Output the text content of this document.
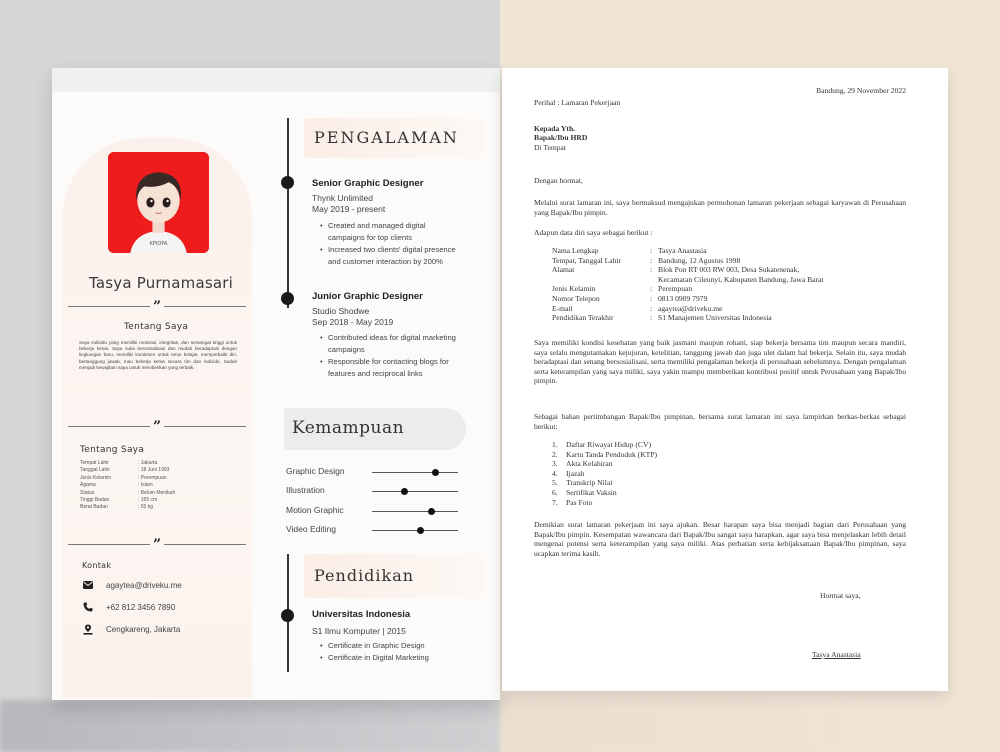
KPIOPA
Tasya Purnamasari
”
Tentang Saya
Saya individu yang memiliki motivasi, integritas, dan semangat tinggi untuk bekerja keras. Saya suka bersosialisasi dan mudah beradaptasi dengan lingkungan baru, memiliki komitmen untuk terus belajar, memperbaiki diri, bertanggung jawab, mau bekerja keras secara tim dan individu. Sudah menjadi kewajiban saya untuk memberikan yang terbaik.
”
Tentang Saya
Tempat Lahir	: Jakarta
Tanggal Lahir	: 18 Juni 1993
Jenis Kelamin	: Perempuan
Agama	: Islam
Status	: Belum Menikah
Tinggi Badan	: 165 cm
Berat Badan	: 55 kg
”
Kontak
agaytea@driveku.me
+62 812 3456 7890
Cengkareng, Jakarta
PENGALAMAN
Senior Graphic Designer
Thynk Unlimited
May 2019 - present
• Created and managed digital campaigns for top clients
• Increased two clients' digital presence and customer interaction by 200%
Junior Graphic Designer
Studio Shodwe
Sep 2018 - May 2019
• Contributed ideas for digital marketing campaigns
• Responsible for contacting blogs for features and reciprocal links
Kemampuan
Graphic Design
Illustration
Motion Graphic
Video Editing
Pendidikan
Universitas Indonesia
S1 Ilmu Komputer | 2015
• Certificate in Graphic Design
• Certificate in Digital Marketing
Bandung, 29 November 2022
Perihal : Lamaran Pekerjaan
Kepada Yth.
Bapak/Ibu HRD
Di Tempat
Dengan hormat,
Melalui surat lamaran ini, saya bermaksud mengajukan permohonan lamaran pekerjaan sebagai karyawan di Perusahaan yang Bapak/Ibu pimpin.
Adapun data diri saya sebagai berikut :
Nama Lengkap	: Tasya Anastasia
Tempat, Tanggal Lahir	: Bandung, 12 Agustus 1998
Alamat	: Blok Pon RT 003 RW 003, Desa Sukatenenak,
Kecamatan Cileunyi, Kabupaten Bandung, Jawa Barat
Jenis Kelamin	: Perempuan
Nomor Telepon	: 0813 0909 7979
E-mail	: agaytea@driveku.me
Pendidikan Terakhir	: S1 Manajemen Universitas Indonesia
Saya memiliki kondisi kesehatan yang baik jasmani maupun rohani, siap bekerja bersama tim maupun secara mandiri, saya selalu mengutamakan kejujuran, ketelitian, tanggung jawab dan juga ulet dalam hal bekerja. Selain itu, saya mudah beradaptasi dan senang bersosialisasi, serta memiliki pengalaman bekerja di perusahaan sebelumnya. Dengan pengalaman serta keterampilan yang saya miliki, saya yakin mampu memberikan kontribusi positif untuk Perusahaan yang Bapak/Ibu pimpin.
Sebagai bahan pertimbangan Bapak/Ibu pimpinan, bersama surat lamaran ini saya lampirkan berkas-berkas sebagai berikut:
1.	Daftar Riwayat Hidup (CV)
2.	Kartu Tanda Penduduk (KTP)
3.	Akta Kelahiran
4.	Ijazah
5.	Transkrip Nilai
6.	Sertifikat Vaksin
7.	Pas Foto
Demikian surat lamaran pekerjaan ini saya ajukan. Besar harapan saya bisa menjadi bagian dari Perusahaan yang Bapak/Ibu pimpin. Kesempatan wawancara dari Bapak/Ibu sangat saya harapkan, agar saya bisa menjelaskan lebih detail mengenai potensi serta keterampilan yang saya miliki. Atas perhatian serta kebijaksanaan Bapak/Ibu pimpinan, saya ucapkan terima kasih.
Hormat saya,
Tasya Anastasia
